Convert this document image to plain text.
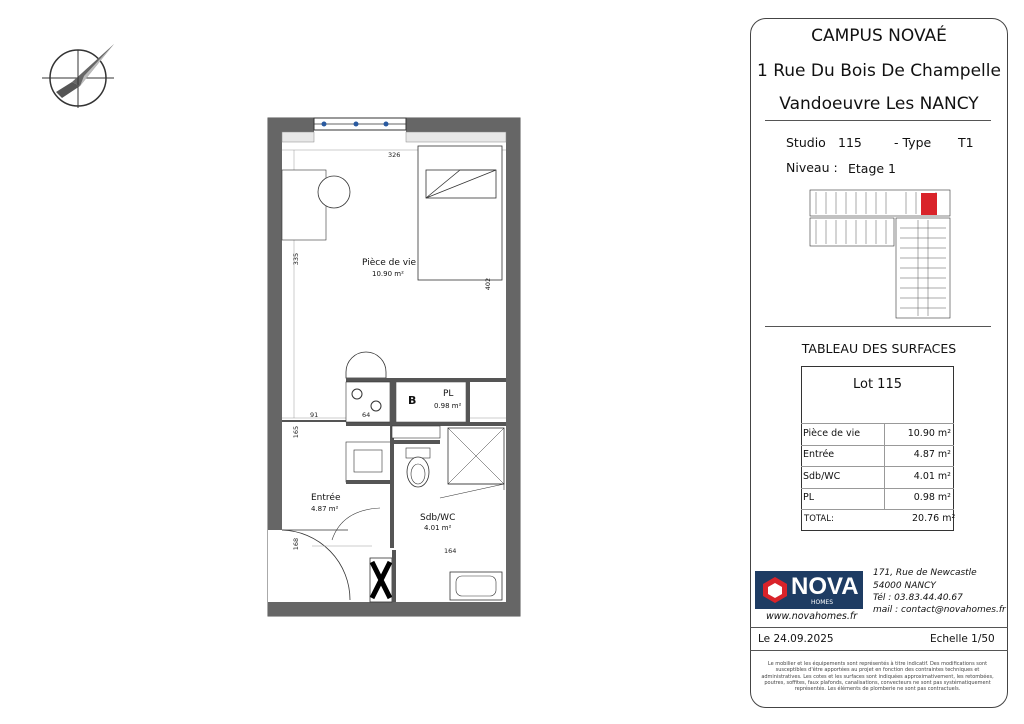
Pièce de vie
10.90 m²
PL
0.98 m²
Entrée
4.87 m²
Sdb/WC
4.01 m²
B
326
335
402
91	64
165
164
168
CAMPUS NOVAÉ
1 Rue Du Bois De Champelle
Vandoeuvre Les NANCY
Studio 115	- Type T1
Niveau : Etage 1
TABLEAU DES SURFACES
Lot 115
Pièce de vie	10.90 m²
Entrée	4.87 m²
Sdb/WC	4.01 m²
PL	0.98 m²
TOTAL:	20.76 m²
NOVA
HOMES
www.novahomes.fr
171, Rue de Newcastle
54000 NANCY
Tél : 03.83.44.40.67
mail : contact@novahomes.fr
Le 24.09.2025	Echelle 1/50
Le mobilier et les équipements sont représentés à titre indicatif. Des modifications sont susceptibles d'être apportées au projet en fonction des contraintes techniques et administratives. Les cotes et les surfaces sont indiquées approximativement, les retombées, poutres, soffites, faux plafonds, canalisations, convecteurs ne sont pas systématiquement représentés. Les éléments de plomberie ne sont pas contractuels.
